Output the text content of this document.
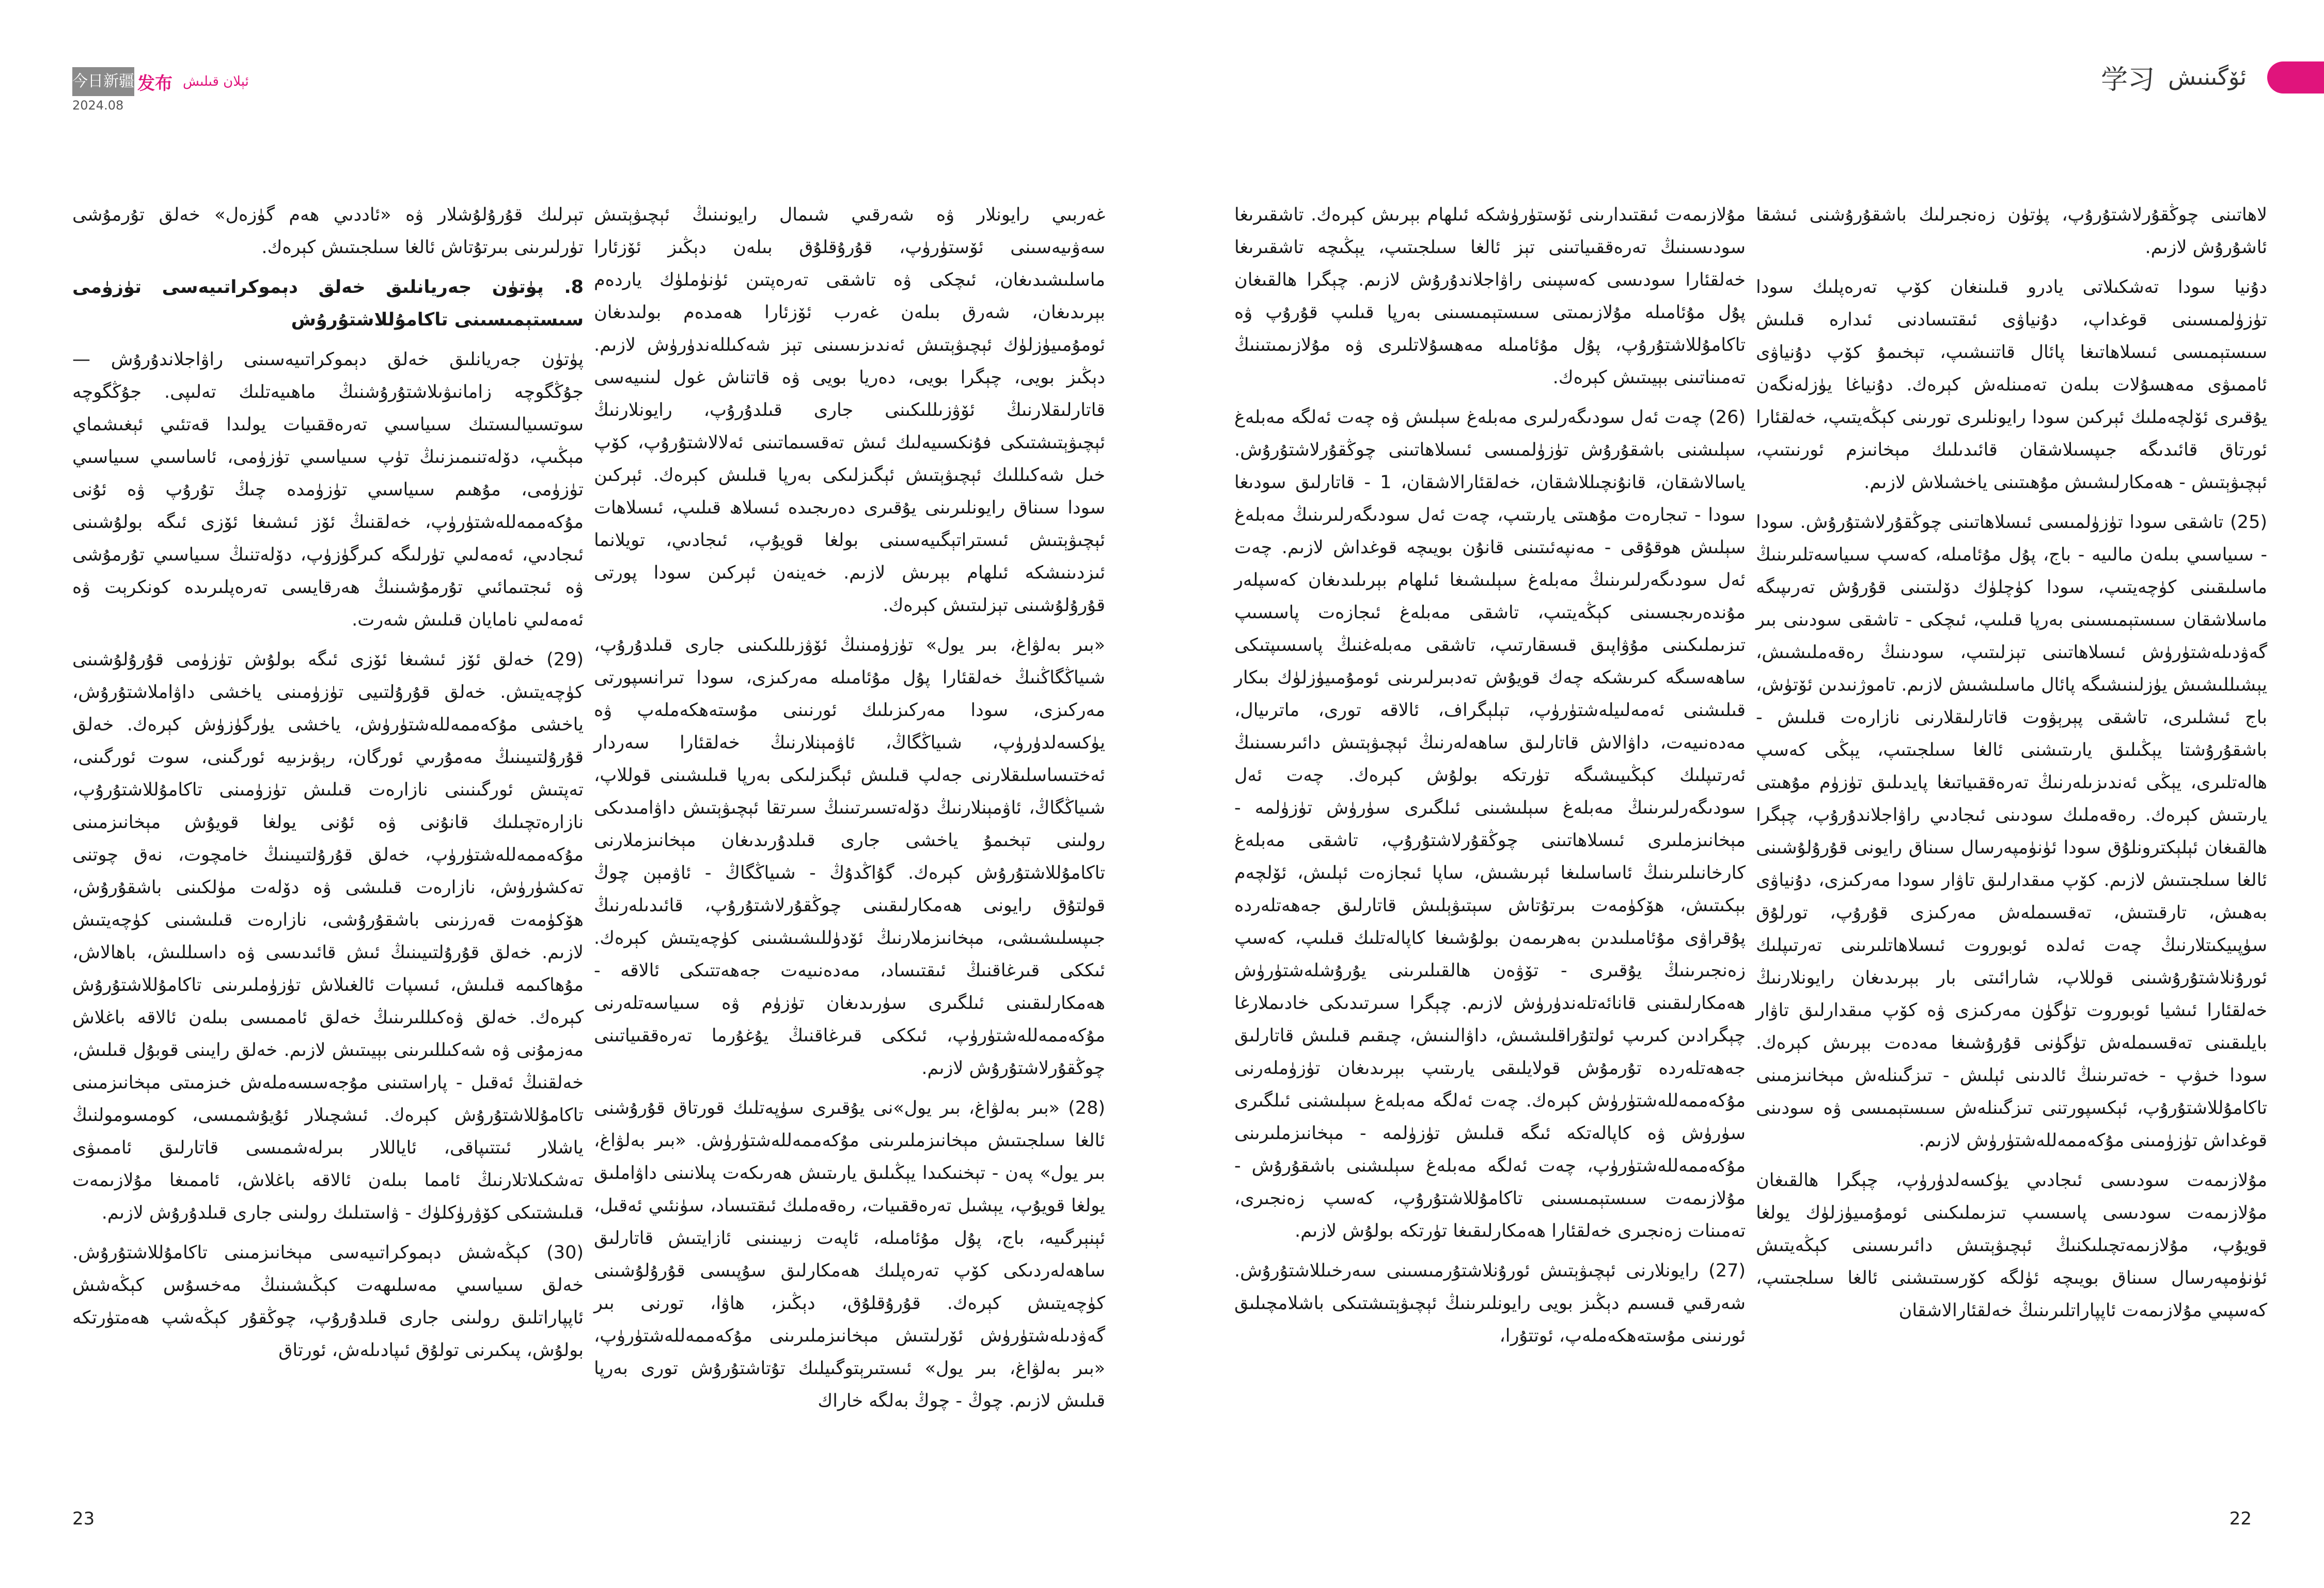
今日新疆 发布 ئېلان قىلىش
2024.08

غەربىي رايونلار ۋە شەرقىي شىمال رايونىنىڭ ئېچىۋېتىش سەۋىيەسىنى ئۆستۈرۈپ، قۇرۇقلۇق بىلەن دېڭىز ئۆزئارا ماسلىشىدىغان، ئىچكى ۋە تاشقى تەرەپتىن ئۈنۈملۈك ياردەم بېرىدىغان، شەرق بىلەن غەرب ئۆزئارا ھەمدەم بولىدىغان ئومۇمىيۈزلۈك ئېچىۋېتىش ئەندىزىسىنى تېز شەكىللەندۈرۈش لازىم. دېڭىز بويى، چېگرا بويى، دەريا بويى ۋە قاتناش غول لىنىيەسى قاتارلىقلارنىڭ ئۆۋزىللىكىنى جارى قىلدۇرۇپ، رايونلارنىڭ ئېچىۋېتىشتىكى فۇنكسىيەلىك ئىش تەقسىماتىنى ئەلالاشتۇرۇپ، كۆپ خىل شەكىللىك ئېچىۋېتىش ئېگىزلىكى بەرپا قىلىش كېرەك. ئېركىن سودا سىناق رايونلىرىنى يۇقىرى دەرىجىدە ئىسلاھ قىلىپ، ئىسلاھات ئېچىۋېتىش ئىستراتېگىيەسىنى بولغا قويۇپ، ئىجادىي، تويلانما ئىزدىنىشكە ئىلھام بېرىش لازىم. خەينەن ئېركىن سودا پورتى قۇرۇلۇشىنى تېزلىتىش كېرەك.

«بىر بەلۋاغ، بىر يول» تۈزۈمىنىڭ ئۆۋزىللىكىنى جارى قىلدۇرۇپ، شىياڭگاڭنىڭ خەلقئارا پۇل مۇئامىلە مەركىزى، سودا تىرانسپورتى مەركىزى، سودا مەركىزىلىك ئورنىنى مۇستەھكەملەپ ۋە يۈكسەلدۈرۈپ، شىياڭگاڭ، ئاۋمېنلارنىڭ خەلقئارا سەردار ئەختىساسلىقلارنى جەلپ قىلىش ئېگىزلىكى بەرپا قىلىشىنى قوللاپ، شىياڭگاڭ، ئاۋمېنلارنىڭ دۆلەتسىرتىنىڭ سىرتقا ئېچىۋېتىش داۋامىدىكى رولىنى تېخىمۇ ياخشى جارى قىلدۇرىدىغان مېخانىزملارنى تاكامۇللاشتۇرۇش كېرەك. گۇاڭدۇڭ - شىياڭگاڭ - ئاۋمېن چوڭ قولتۇق رايونى ھەمكارلىقىنى چوڭقۇرلاشتۇرۇپ، قائىدىلەرنىڭ جىپسلىشىشى، مېخانىزملارنىڭ ئۆدۈللىشىشىنى كۈچەيتىش كېرەك. ئىككى قىرغاقنىڭ ئىقتىساد، مەدەنىيەت جەھەتتىكى ئالاقە - ھەمكارلىقىنى ئىلگىرى سۈرىدىغان تۈزۈم ۋە سىياسەتلەرنى مۇكەممەللەشتۈرۈپ، ئىككى قىرغاقنىڭ يۇغۇرما تەرەققىياتىنى چوڭقۇرلاشتۇرۇش لازىم.

(28) «بىر بەلۋاغ، بىر يول»نى يۇقىرى سۈپەتلىك قورتاق قۇرۇشنى ئالغا سىلجىتىش مېخانىزملىرىنى مۇكەممەللەشتۈرۈش. «بىر بەلۋاغ، بىر يول» پەن - تېخنىكىدا يېڭىلىق يارىتىش ھەرىكەت پىلانىنى داۋاملىق يولغا قويۇپ، يېشىل تەرەققىيات، رەقەملىك ئىقتىساد، سۈنئىي ئەقىل، ئېنېرگىيە، باج، پۇل مۇئامىلە، ئاپەت زىيىنىنى ئازايتىش قاتارلىق ساھەلەردىكى كۆپ تەرەپلىك ھەمكارلىق سۇپىسى قۇرۇلۇشىنى كۈچەيتىش كېرەك. قۇرۇقلۇق، دېڭىز، ھاۋا، تورنى بىر گەۋدىلەشتۈرۈش ئۆرلىتىش مېخانىزملىرىنى مۇكەممەللەشتۈرۈپ، «بىر بەلۋاغ، بىر يول» ئىستىرېتوگىيلىك تۇتاشتۇرۇش تورى بەرپا قىلىش لازىم. چوڭ - چوڭ بەلگە خاراك

تېرلىك قۇرۇلۇشلار ۋە «ئاددىي ھەم گۈزەل» خەلق تۇرمۇشى تۈرلىرىنى بىرتۇتاش ئالغا سىلجىتىش كېرەك.

8. پۈتۈن جەريانلىق خەلق دېموكراتىيەسى تۈزۈمى سىستېمىسىنى تاكامۇللاشتۇرۇش

پۈتۈن جەريانلىق خەلق دېموكراتىيەسىنى راۋاجلاندۇرۇش — جۇڭگوچە زامانىۋىلاشتۇرۇشنىڭ ماھىيەتلىك تەلىپى. جۇڭگوچە سوتسىيالىستىك سىياسىي تەرەققىيات يولىدا قەتئىي ئېغىشماي مېڭىپ، دۆلەتنىمىزنىڭ تۈپ سىياسىي تۈزۈمى، ئاساسىي سىياسىي تۈزۈمى، مۇھىم سىياسىي تۈزۈمدە چىڭ تۇرۇپ ۋە ئۇنى مۇكەممەللەشتۈرۈپ، خەلقنىڭ ئۆز ئىشىغا ئۆزى ئىگە بولۇشىنى ئىجادىي، ئەمەلىي تۈرلىگە كىرگۈزۈپ، دۆلەتنىڭ سىياسىي تۇرمۇشى ۋە ئىجتىمائىي تۇرمۇشىنىڭ ھەرقايسى تەرەپلىرىدە كونكرېت ۋە ئەمەلىي نامايان قىلىش شەرت.

(29) خەلق ئۆز ئىشىغا ئۆزى ئىگە بولۇش تۈزۈمى قۇرۇلۇشىنى كۈچەيتىش. خەلق قۇرۇلتىيى تۈزۈمىنى ياخشى داۋاملاشتۇرۇش، ياخشى مۇكەممەللەشتۈرۈش، ياخشى يۈرگۈزۈش كېرەك. خەلق قۇرۇلتىيىنىڭ مەمۇرىي ئورگان، رېۋىزىيە ئورگىنى، سوت ئورگىنى، تەپتىش ئورگىنىنى نازارەت قىلىش تۈزۈمىنى تاكامۇللاشتۇرۇپ، نازارەتچىلىك قانۇنى ۋە ئۇنى يولغا قويۇش مېخانىزمىنى مۇكەممەللەشتۈرۈپ، خەلق قۇرۇلتىيىنىڭ خامچوت، نەق چوتنى تەكشۈرۈش، نازارەت قىلىشى ۋە دۆلەت مۈلكىنى باشقۇرۇش، ھۆكۈمەت قەرزىنى باشقۇرۇشى، نازارەت قىلىشىنى كۈچەيتىش لازىم. خەلق قۇرۇلتىيىنىڭ ئىش قائىدىسى ۋە داسىللىش، باھالاش، مۇھاكىمە قىلىش، ئىسپات ئالغىلاش تۈزۈملىرىنى تاكامۇللاشتۇرۇش كېرەك. خەلق ۋەكىللىرىنىڭ خەلق ئاممىسى بىلەن ئالاقە باغلاش مەزمۇنى ۋە شەكىللىرىنى بېيىتىش لازىم. خەلق رايىنى قوبۇل قىلىش، خەلقنىڭ ئەقىل - پاراستىنى مۇجەسسەملەش خىزمىتى مېخانىزمىنى تاكامۇللاشتۇرۇش كېرەك. ئىشچىلار ئۇيۇشمىسى، كومسومولنىڭ ياشلار ئىتتىپاقى، ئاياللار بىرلەشمىسى قاتارلىق ئاممىۋى تەشكىلاتلارنىڭ ئامما بىلەن ئالاقە باغلاش، ئاممىغا مۇلازىمەت قىلىشتىكى كۆۋرۈكلۈك - ۋاستىلىك رولىنى جارى قىلدۇرۇش لازىم.

(30) كېڭەشش دېموكراتىيەسى مېخانىزمىنى تاكامۇللاشتۇرۇش. خەلق سىياسىي مەسلىھەت كېڭىشىنىڭ مەخسۇس كېڭەشش ئاپپاراتلىق رولىنى جارى قىلدۇرۇپ، چوڭقۇر كېڭەشپ ھەمتۈرتكە بولۇش، پىكىرنى تولۇق ئىپادىلەش، ئورتاق

23
学习 ئۆگىنىش

مۇلازىمەت ئىقتىدارىنى ئۆستۈرۈشكە ئىلھام بېرىش كېرەك. تاشقىرىغا سودىسىنىڭ تەرەققىياتىنى تېز ئالغا سىلجىتىپ، يېڭىچە تاشقىرىغا خەلقئارا سودىسى كەسپىنى راۋاجلاندۇرۇش لازىم. چېگرا ھالقىغان پۇل مۇئامىلە مۇلازىمىتى سىستېمىسىنى بەرپا قىلىپ قۇرۇپ ۋە تاكامۇللاشتۇرۇپ، پۇل مۇئامىلە مەھسۇلاتلىرى ۋە مۇلازىمىتىنىڭ تەمىناتىنى بېيىتىش كېرەك.

(26) چەت ئەل سودىگەرلىرى مەبلەغ سېلىش ۋە چەت ئەلگە مەبلەغ سېلىشنى باشقۇرۇش تۈزۈلمىسى ئىسلاھاتىنى چوڭقۇرلاشتۇرۇش. ياسالاشقان، قانۇنچىللاشقان، خەلقئارالاشقان، 1 - قاتارلىق سودىغا سودا - تىجارەت مۇھىتى يارىتىپ، چەت ئەل سودىگەرلىرىنىڭ مەبلەغ سېلىش ھوقۇقى - مەنپەئىتىنى قانۇن بويىچە قوغداش لازىم. چەت ئەل سودىگەرلىرىنىڭ مەبلەغ سېلىشىغا ئىلھام بېرىلىدىغان كەسپلەر مۇندەرىجىسىنى كېڭەيتىپ، تاشقى مەبلەغ ئىجازەت پاسسىپ تىزىملىكىنى مۇۋاپىق قىسقارتىپ، تاشقى مەبلەغنىڭ پاسسىپتىكى ساھەسىگە كىرىشكە چەك قويۇش تەدبىرلىرىنى ئومۇمىيۈزلۈك بىكار قىلىشنى ئەمەلىيلەشتۈرۈپ، تېلېگراف، ئالاقە تورى، ماترىيال، مەدەنىيەت، داۋالاش قاتارلىق ساھەلەرنىڭ ئېچىۋېتىش دائىرىسىنىڭ ئەرتىپلىك كېڭىيىشىگە تۈرتكە بولۇش كېرەك. چەت ئەل سودىگەرلىرىنىڭ مەبلەغ سېلىشىنى ئىلگىرى سۈرۈش تۈزۈلمە - مېخانىزملىرى ئىسلاھاتىنى چوڭقۇرلاشتۇرۇپ، تاشقى مەبلەغ كارخانىلىرىنىڭ ئاساسلىغا ئېرىشىش، ساپا ئىجازەت ئېلىش، ئۆلچەم بېكىتىش، ھۆكۈمەت بىرتۇتاش سېتىۋېلىش قاتارلىق جەھەتلەردە پۇقراۋى مۇئامىلىدىن بەھرىمەن بولۇشىغا كاپالەتلىك قىلىپ، كەسپ زەنجىرىنىڭ يۇقىرى - تۆۋەن ھالقىلىرىنى يۇرۇشلەشتۈرۈش ھەمكارلىقىنى قانائەتلەندۈرۈش لازىم. چېگرا سىرتىدىكى خادىملارغا چېگرادىن كىرىپ ئولتۇراقلىشىش، داۋالىنىش، چىقىم قىلىش قاتارلىق جەھەتلەردە تۇرمۇش قولايلىقى يارىتىپ بېرىدىغان تۈزۈملەرنى مۇكەممەللەشتۈرۈش كېرەك. چەت ئەلگە مەبلەغ سېلىشنى ئىلگىرى سۈرۈش ۋە كاپالەتكە ئىگە قىلىش تۈزۈلمە - مېخانىزملىرىنى مۇكەممەللەشتۈرۈپ، چەت ئەلگە مەبلەغ سېلىشنى باشقۇرۇش - مۇلازىمەت سىستېمىسىنى تاكامۇللاشتۇرۇپ، كەسپ زەنجىرى، تەمىنات زەنجىرى خەلقئارا ھەمكارلىقىغا تۈرتكە بولۇش لازىم.

(27) رايونلارنى ئېچىۋېتىش ئورۇنلاشتۇرمىسىنى سەرخىللاشتۇرۇش. شەرقىي قىسىم دېڭىز بويى رايونلىرىنىڭ ئېچىۋېتىشتىكى باشلامچىلىق ئورنىنى مۇستەھكەملەپ، ئوتتۇرا،

لاھاتىنى چوڭقۇرلاشتۇرۇپ، پۈتۈن زەنجىرلىك باشقۇرۇشنى ئىشقا ئاشۇرۇش لازىم.

دۇنيا سودا تەشكىلاتى يادرو قىلىنغان كۆپ تەرەپلىك سودا تۈزۈلمىسىنى قوغداپ، دۇنياۋى ئىقتىسادنى ئىدارە قىلىش سىستېمىسى ئىسلاھاتىغا پائال قاتنىشىپ، تېخىمۇ كۆپ دۇنياۋى ئاممىۋى مەھسۇلات بىلەن تەمىنلەش كېرەك. دۇنياغا يۈزلەنگەن يۇقىرى ئۆلچەملىك ئېركىن سودا رايونلىرى تورىنى كېڭەيتىپ، خەلقئارا ئورتاق قائىدىگە جىپسىلاشقان قائىدىلىك مېخانىزم ئورنىتىپ، ئېچىۋېتىش - ھەمكارلىشىش مۇھىتىنى ياخشىلاش لازىم.

(25) تاشقى سودا تۈزۈلمىسى ئىسلاھاتىنى چوڭقۇرلاشتۇرۇش. سودا - سىياسىي بىلەن مالىيە - باج، پۇل مۇئامىلە، كەسپ سىياسەتلىرىنىڭ ماسلىقىنى كۈچەيتىپ، سودا كۈچلۈك دۆلىتىنى قۇرۇش تەرىپىگە ماسلاشقان سىستېمىسىنى بەرپا قىلىپ، ئىچكى - تاشقى سودىنى بىر گەۋدىلەشتۈرۈش ئىسلاھاتىنى تېزلىتىپ، سودىنىڭ رەقەملىشىش، يېشىللىشىش يۈزلىنىشىگە پائال ماسلىشىش لازىم. تاموژنىدىن ئۆتۈش، باج ئىشلىرى، تاشقى پېرېۋوت قاتارلىقلارنى نازارەت قىلىش - باشقۇرۇشتا يېڭىلىق يارىتىشنى ئالغا سىلجىتىپ، يېڭى كەسپ ھالەتلىرى، يېڭى ئەندىزىلەرنىڭ تەرەققىياتىغا پايدىلىق تۈزۈم مۇھىتى يارىتىش كېرەك. رەقەملىك سودىنى ئىجادىي راۋاجلاندۇرۇپ، چېگرا ھالقىغان ئېلېكترونلۇق سودا ئۈنۈمپەرسال سىناق رايونى قۇرۇلۇشىنى ئالغا سىلجىتىش لازىم. كۆپ مىقدارلىق تاۋار سودا مەركىزى، دۇنياۋى بەھىش، تارقىتىش، تەقسىملەش مەركىزى قۇرۇپ، تورلۇق سۈپىيكىتلارنىڭ چەت ئەلدە ئوبوروت ئىسلاھاتلىرىنى تەرتىپلىك ئورۇنلاشتۇرۇشىنى قوللاپ، شارائىتى بار بېرىدىغان رايونلارنىڭ خەلقئارا ئىشيا ئوبوروت تۈگۈن مەركىزى ۋە كۆپ مىقدارلىق تاۋار بايلىقىنى تەقسىملەش تۈگۈنى قۇرۇشىغا مەدەت بېرىش كېرەك. سودا خىۋپ - خەتىرىنىڭ ئالدىنى ئېلىش - تىزگىنلەش مېخانىزمىنى تاكامۇللاشتۇرۇپ، ئېكسپورتنى تىزگىنلەش سىستېمىسى ۋە سودىنى قوغداش تۈزۈمىنى مۇكەممەللەشتۈرۈش لازىم.

مۇلازىمەت سودىسى ئىجادىي يۈكسەلدۈرۈپ، چېگرا ھالقىغان مۇلازىمەت سودىسى پاسسىپ تىزىملىكىنى ئومۇمىيۈزلۈك يولغا قويۇپ، مۇلازىمەتچىلىكنىڭ ئېچىۋېتىش دائىرىسىنى كېڭەيتىش ئۈنۈمپەرسال سىناق بويىچە ئۈلگە كۆرسىتىشنى ئالغا سىلجىتىپ، كەسپىي مۇلازىمەت ئاپپاراتلىرىنىڭ خەلقئارالاشقان

22
